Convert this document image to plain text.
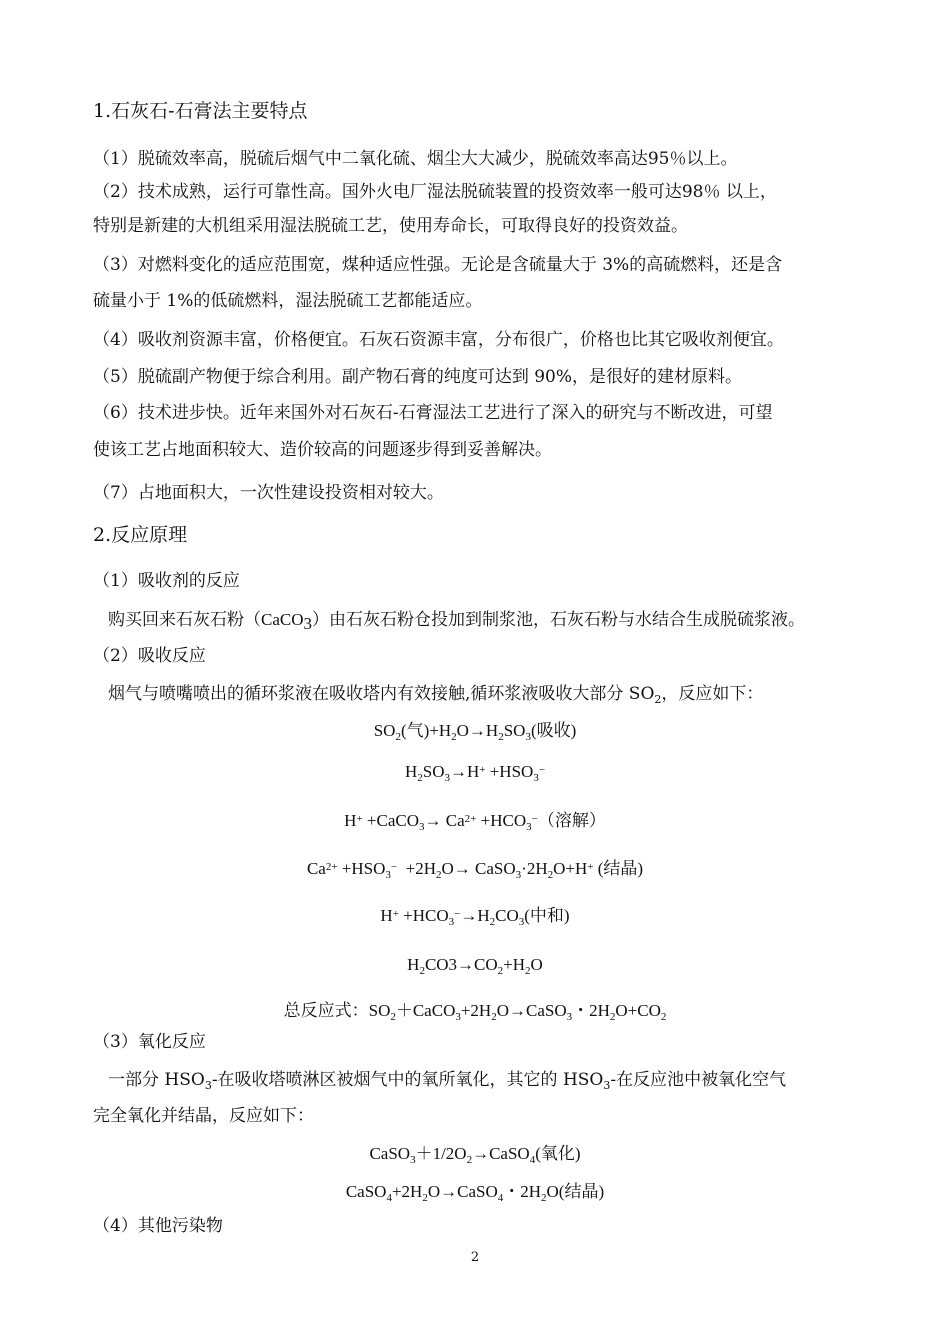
1.石灰石-石膏法主要特点
（1）脱硫效率高，脱硫后烟气中二氧化硫、烟尘大大减少，脱硫效率高达95％以上。
（2）技术成熟，运行可靠性高。国外火电厂湿法脱硫装置的投资效率一般可达98％ 以上，
特别是新建的大机组采用湿法脱硫工艺，使用寿命长，可取得良好的投资效益。
（3）对燃料变化的适应范围宽，煤种适应性强。无论是含硫量大于 3%的高硫燃料，还是含
硫量小于 1%的低硫燃料，湿法脱硫工艺都能适应。
（4）吸收剂资源丰富，价格便宜。石灰石资源丰富，分布很广，价格也比其它吸收剂便宜。
（5）脱硫副产物便于综合利用。副产物石膏的纯度可达到 90%，是很好的建材原料。
（6）技术进步快。近年来国外对石灰石-石膏湿法工艺进行了深入的研究与不断改进，可望
使该工艺占地面积较大、造价较高的问题逐步得到妥善解决。
（7）占地面积大，一次性建设投资相对较大。
2.反应原理
（1）吸收剂的反应
购买回来石灰石粉（CaCO$_3$）由石灰石粉仓投加到制浆池，石灰石粉与水结合生成脱硫浆液。
（2）吸收反应
烟气与喷嘴喷出的循环浆液在吸收塔内有效接触,循环浆液吸收大部分 $SO_2$，反应如下：
$SO_2$(气)$+H_2O\to H_2SO_3$(吸收)
$H_2SO_3\to H^+ +HSO_3^-$
H+ +CaCO$_3$→ $Ca^{2+} +HCO_3^-$（溶解）
$Ca^{2+} +HSO_3^- +2H_2O\to$ $CaSO_3\cdot 2H_2O+H^+$ (结晶)
$H^+ +HCO_3^-\to H_2CO_3$(中和)
$H_2CO3\to CO_2+H_2O$
总反应式：$SO_2+CaCO_3+2H_2O\to CaSO_3$・$2H_2O+CO_2$
（3）氧化反应
一部分 $HSO_3-$在吸收塔喷淋区被烟气中的氧所氧化，其它的 $HSO_3-$在反应池中被氧化空气
完全氧化并结晶，反应如下：
$CaSO_3+1/2O_2\to CaSO_4$(氧化)
$CaSO_4+2H_2O\to CaSO_4$・$2H_2O$(结晶)
（4）其他污染物
2
